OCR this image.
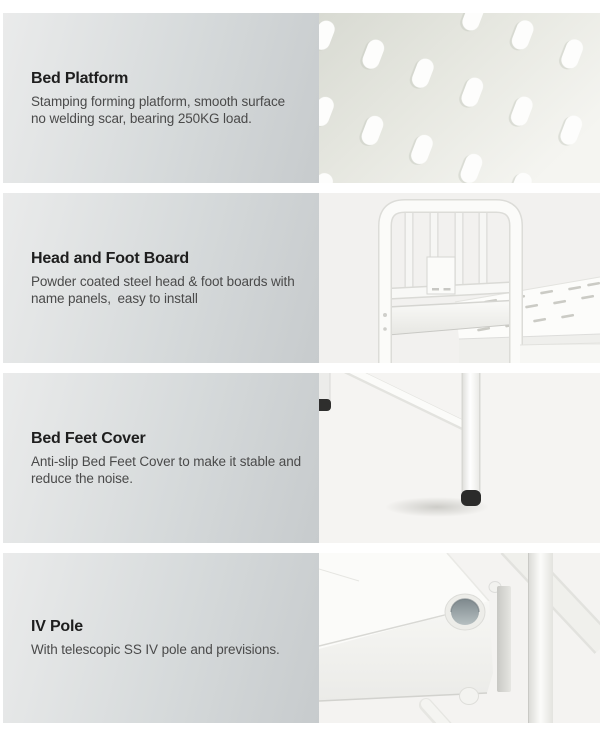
Bed Platform

Stamping forming platform, smooth surface

no welding scar, bearing 250KG load.

Head and Foot Board

Powder coated steel head & foot boards with

name panels, easy to install

Bed Feet Cover

Anti-slip Bed Feet Cover to make it stable and

reduce the noise.

IV Pole

With telescopic SS IV pole and previsions.
